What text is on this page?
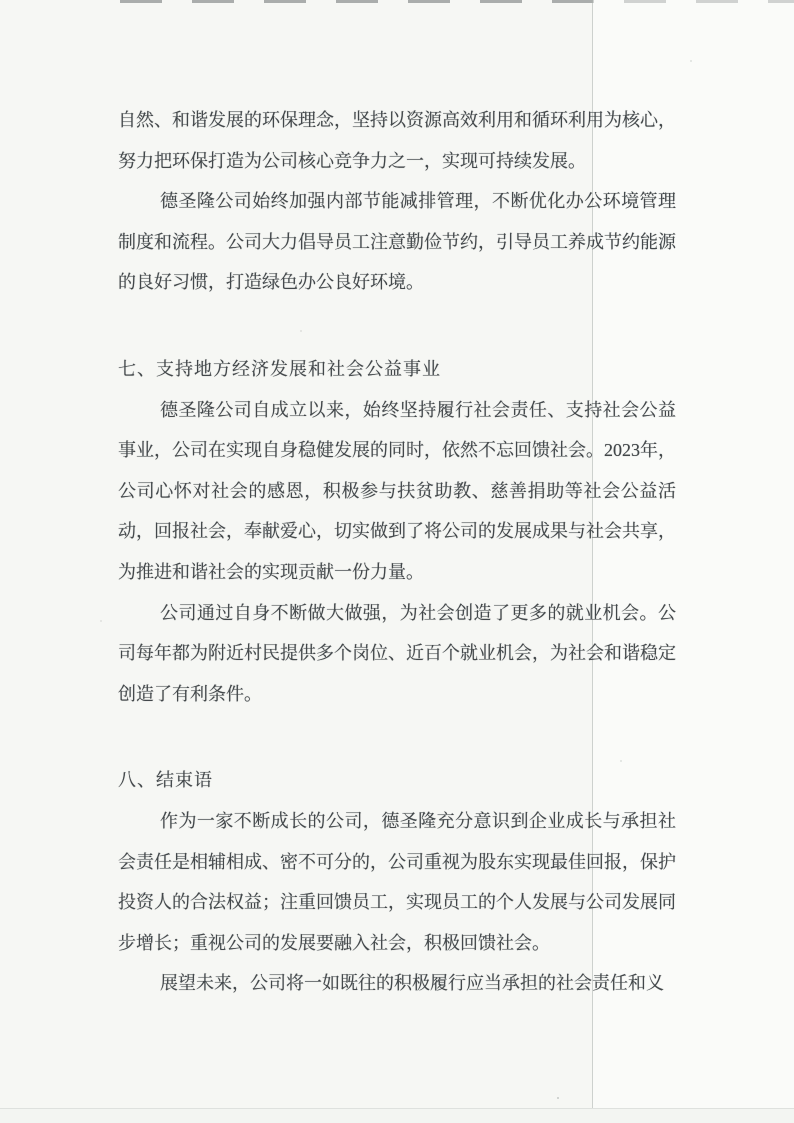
自然、和谐发展的环保理念，坚持以资源高效利用和循环利用为核心，努力把环保打造为公司核心竞争力之一，实现可持续发展。

德圣隆公司始终加强内部节能减排管理，不断优化办公环境管理制度和流程。公司大力倡导员工注意勤俭节约，引导员工养成节约能源的良好习惯，打造绿色办公良好环境。

七、支持地方经济发展和社会公益事业

德圣隆公司自成立以来，始终坚持履行社会责任、支持社会公益事业，公司在实现自身稳健发展的同时，依然不忘回馈社会。2023年，公司心怀对社会的感恩，积极参与扶贫助教、慈善捐助等社会公益活动，回报社会，奉献爱心，切实做到了将公司的发展成果与社会共享，为推进和谐社会的实现贡献一份力量。

公司通过自身不断做大做强，为社会创造了更多的就业机会。公司每年都为附近村民提供多个岗位、近百个就业机会，为社会和谐稳定创造了有利条件。

八、结束语

作为一家不断成长的公司，德圣隆充分意识到企业成长与承担社会责任是相辅相成、密不可分的，公司重视为股东实现最佳回报，保护投资人的合法权益；注重回馈员工，实现员工的个人发展与公司发展同步增长；重视公司的发展要融入社会，积极回馈社会。

展望未来，公司将一如既往的积极履行应当承担的社会责任和义
